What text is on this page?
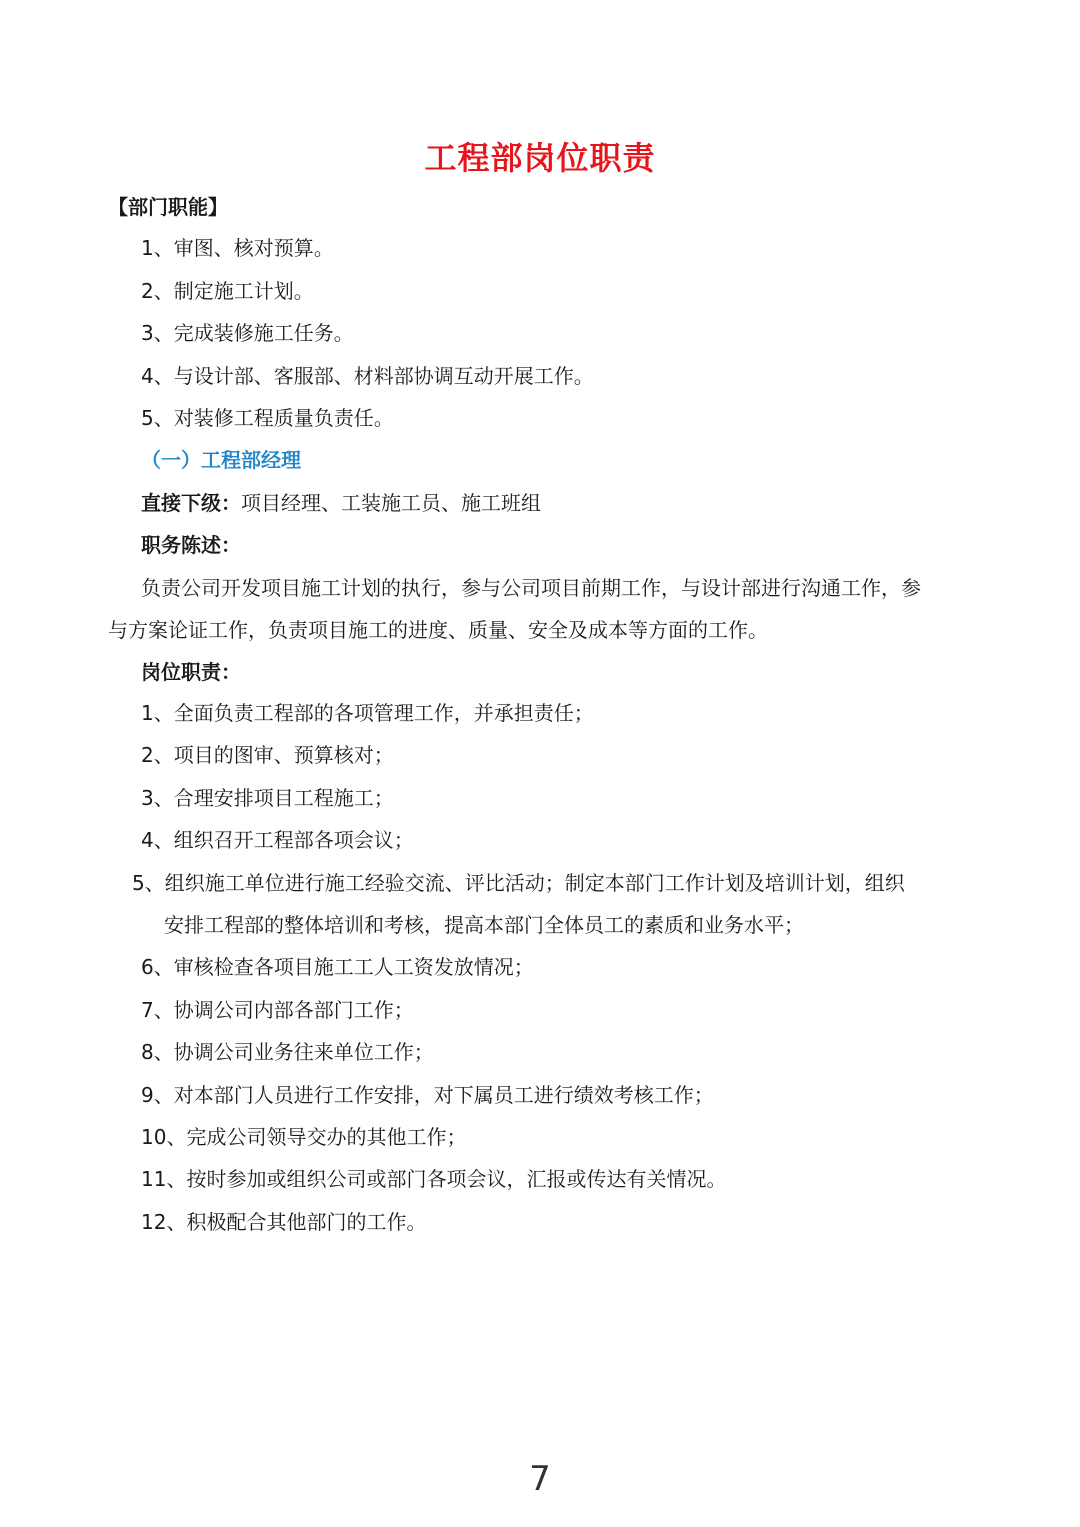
工程部岗位职责
【部门职能】
1、审图、核对预算。
2、制定施工计划。
3、完成装修施工任务。
4、与设计部、客服部、材料部协调互动开展工作。
5、对装修工程质量负责任。
（一）工程部经理
直接下级：项目经理、工装施工员、施工班组
职务陈述：
负责公司开发项目施工计划的执行，参与公司项目前期工作，与设计部进行沟通工作，参
与方案论证工作，负责项目施工的进度、质量、安全及成本等方面的工作。
岗位职责：
1、全面负责工程部的各项管理工作，并承担责任；
2、项目的图审、预算核对；
3、合理安排项目工程施工；
4、组织召开工程部各项会议；
5、组织施工单位进行施工经验交流、评比活动；制定本部门工作计划及培训计划，组织
安排工程部的整体培训和考核，提高本部门全体员工的素质和业务水平；
6、审核检查各项目施工工人工资发放情况；
7、协调公司内部各部门工作；
8、协调公司业务往来单位工作；
9、对本部门人员进行工作安排，对下属员工进行绩效考核工作；
10、完成公司领导交办的其他工作；
11、按时参加或组织公司或部门各项会议，汇报或传达有关情况。
12、积极配合其他部门的工作。
7
